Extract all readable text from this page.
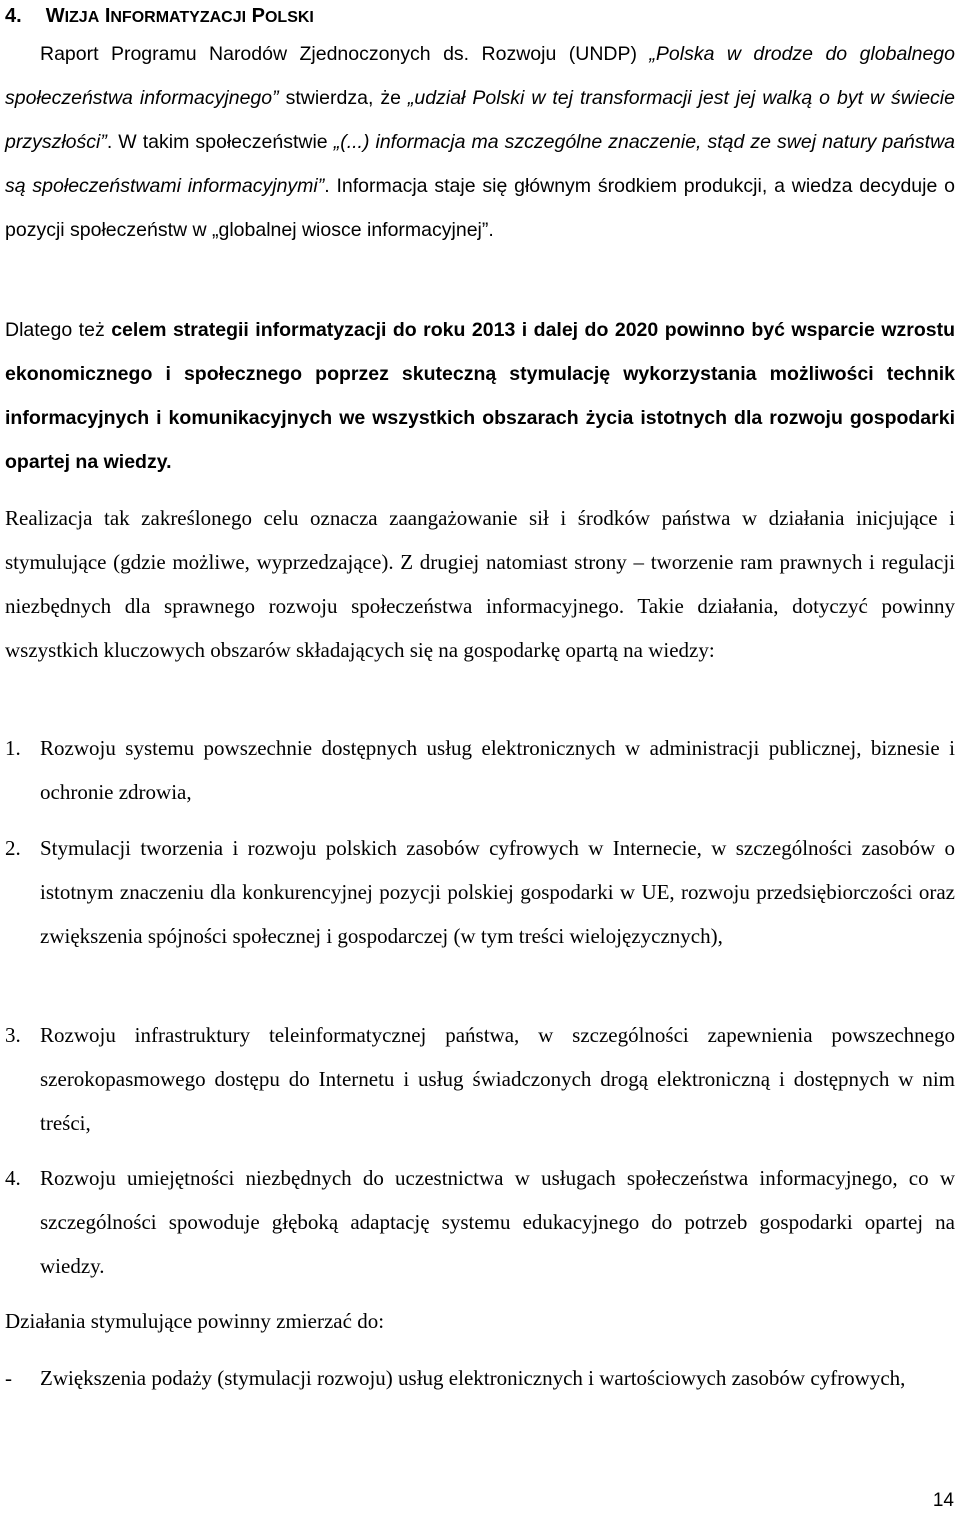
4. WIZJA INFORMATYZACJI POLSKI

Raport Programu Narodów Zjednoczonych ds. Rozwoju (UNDP) „Polska w drodze do globalnego społeczeństwa informacyjnego” stwierdza, że „udział Polski w tej transformacji jest jej walką o byt w świecie przyszłości”. W takim społeczeństwie „(...) informacja ma szczególne znaczenie, stąd ze swej natury państwa są społeczeństwami informacyjnymi”. Informacja staje się głównym środkiem produkcji, a wiedza decyduje o pozycji społeczeństw w „globalnej wiosce informacyjnej”.

Dlatego też celem strategii informatyzacji do roku 2013 i dalej do 2020 powinno być wsparcie wzrostu ekonomicznego i społecznego poprzez skuteczną stymulację wykorzystania możliwości technik informacyjnych i komunikacyjnych we wszystkich obszarach życia istotnych dla rozwoju gospodarki opartej na wiedzy.

Realizacja tak zakreślonego celu oznacza zaangażowanie sił i środków państwa w działania inicjujące i stymulujące (gdzie możliwe, wyprzedzające). Z drugiej natomiast strony – tworzenie ram prawnych i regulacji niezbędnych dla sprawnego rozwoju społeczeństwa informacyjnego. Takie działania, dotyczyć powinny wszystkich kluczowych obszarów składających się na gospodarkę opartą na wiedzy:

1. Rozwoju systemu powszechnie dostępnych usług elektronicznych w administracji publicznej, biznesie i ochronie zdrowia,
2. Stymulacji tworzenia i rozwoju polskich zasobów cyfrowych w Internecie, w szczególności zasobów o istotnym znaczeniu dla konkurencyjnej pozycji polskiej gospodarki w UE, rozwoju przedsiębiorczości oraz zwiększenia spójności społecznej i gospodarczej (w tym treści wielojęzycznych),
3. Rozwoju infrastruktury teleinformatycznej państwa, w szczególności zapewnienia powszechnego szerokopasmowego dostępu do Internetu i usług świadczonych drogą elektroniczną i dostępnych w nim treści,
4. Rozwoju umiejętności niezbędnych do uczestnictwa w usługach społeczeństwa informacyjnego, co w szczególności spowoduje głęboką adaptację systemu edukacyjnego do potrzeb gospodarki opartej na wiedzy.

Działania stymulujące powinny zmierzać do:

- Zwiększenia podaży (stymulacji rozwoju) usług elektronicznych i wartościowych zasobów cyfrowych,
14
